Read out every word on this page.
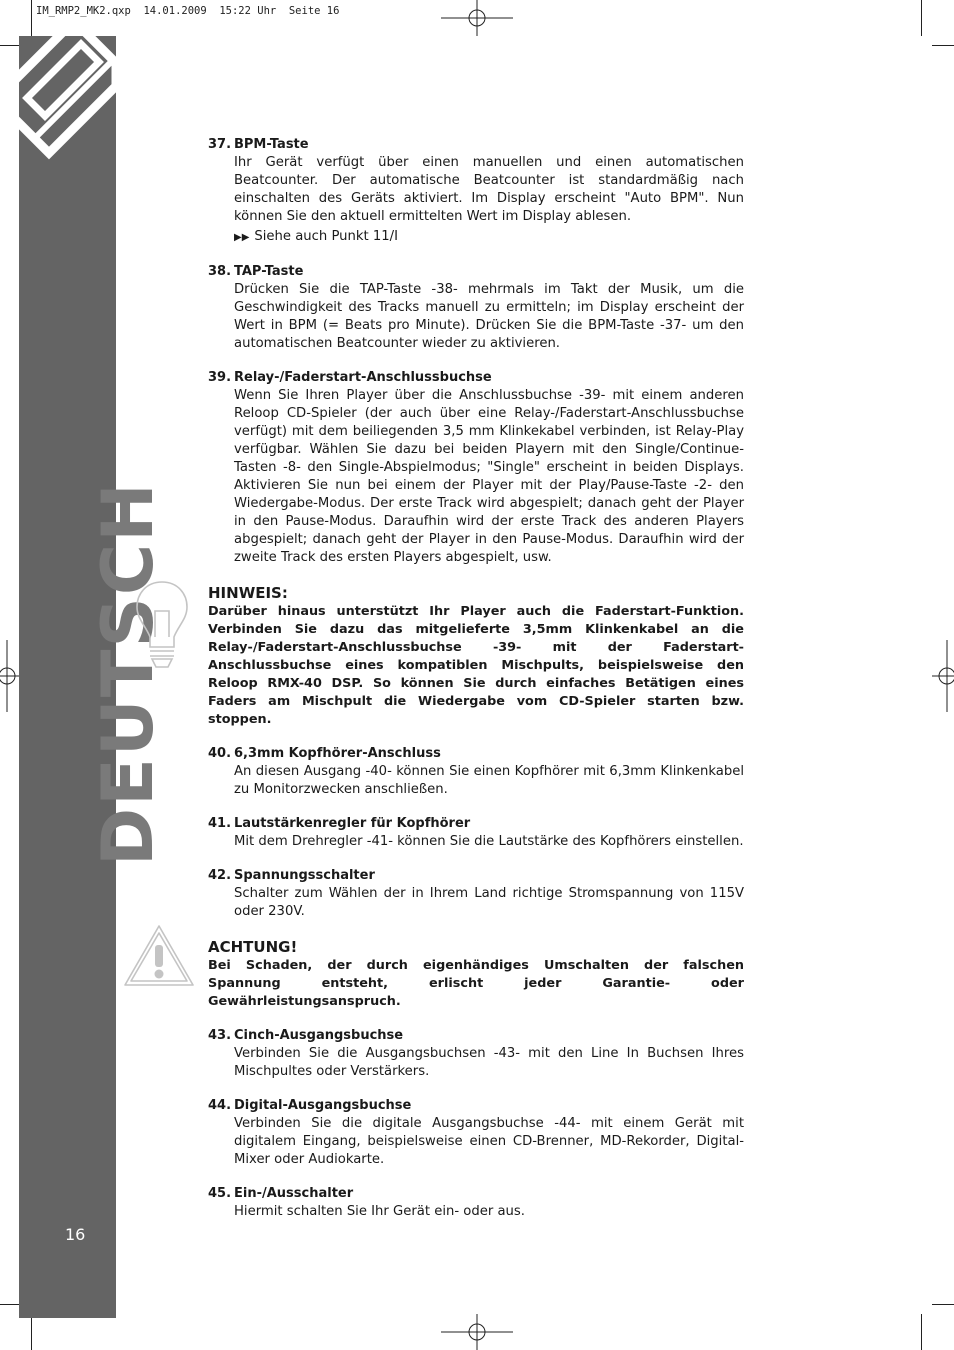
IM_RMP2_MK2.qxp  14.01.2009  15:22 Uhr  Seite 16
DEUTSCH
16
37. BPM-Taste
Ihr Gerät verfügt über einen manuellen und einen automatischen Beatcounter. Der automatische Beatcounter ist standardmäßig nach einschalten des Geräts aktiviert. Im Display erscheint "Auto BPM". Nun können Sie den aktuell ermittelten Wert im Display ablesen.
▶▶ Siehe auch Punkt 11/I
38. TAP-Taste
Drücken Sie die TAP-Taste -38- mehrmals im Takt der Musik, um die Geschwindigkeit des Tracks manuell zu ermitteln; im Display erscheint der Wert in BPM (= Beats pro Minute). Drücken Sie die BPM-Taste -37- um den automatischen Beatcounter wieder zu aktivieren.
39. Relay-/Faderstart-Anschlussbuchse
Wenn Sie Ihren Player über die Anschlussbuchse -39- mit einem anderen Reloop CD-Spieler (der auch über eine Relay-/Faderstart-Anschlussbuchse verfügt) mit dem beiliegenden 3,5 mm Klinkekabel verbinden, ist Relay-Play verfügbar. Wählen Sie dazu bei beiden Playern mit den Single/Continue-Tasten -8- den Single-Abspielmodus; "Single" erscheint in beiden Displays. Aktivieren Sie nun bei einem der Player mit der Play/Pause-Taste -2- den Wiedergabe-Modus. Der erste Track wird abgespielt; danach geht der Player in den Pause-Modus. Daraufhin wird der erste Track des anderen Players abgespielt; danach geht der Player in den Pause-Modus. Daraufhin wird der zweite Track des ersten Players abgespielt, usw.
HINWEIS:
Darüber hinaus unterstützt Ihr Player auch die Faderstart-Funktion. Verbinden Sie dazu das mitgelieferte 3,5mm Klinkenkabel an die Relay-/Faderstart-Anschlussbuchse -39- mit der Faderstart-Anschlussbuchse eines kompatiblen Mischpults, beispielsweise den Reloop RMX-40 DSP. So können Sie durch einfaches Betätigen eines Faders am Mischpult die Wiedergabe vom CD-Spieler starten bzw. stoppen.
40. 6,3mm Kopfhörer-Anschluss
An diesen Ausgang -40- können Sie einen Kopfhörer mit 6,3mm Klinkenkabel zu Monitorzwecken anschließen.
41. Lautstärkenregler für Kopfhörer
Mit dem Drehregler -41- können Sie die Lautstärke des Kopfhörers einstellen.
42. Spannungsschalter
Schalter zum Wählen der in Ihrem Land richtige Stromspannung von 115V oder 230V.
ACHTUNG!
Bei Schaden, der durch eigenhändiges Umschalten der falschen Spannung entsteht, erlischt jeder Garantie- oder Gewährleistungsanspruch.
43. Cinch-Ausgangsbuchse
Verbinden Sie die Ausgangsbuchsen -43- mit den Line In Buchsen Ihres Mischpultes oder Verstärkers.
44. Digital-Ausgangsbuchse
Verbinden Sie die digitale Ausgangsbuchse -44- mit einem Gerät mit digitalem Eingang, beispielsweise einen CD-Brenner, MD-Rekorder, Digital-Mixer oder Audiokarte.
45. Ein-/Ausschalter
Hiermit schalten Sie Ihr Gerät ein- oder aus.
